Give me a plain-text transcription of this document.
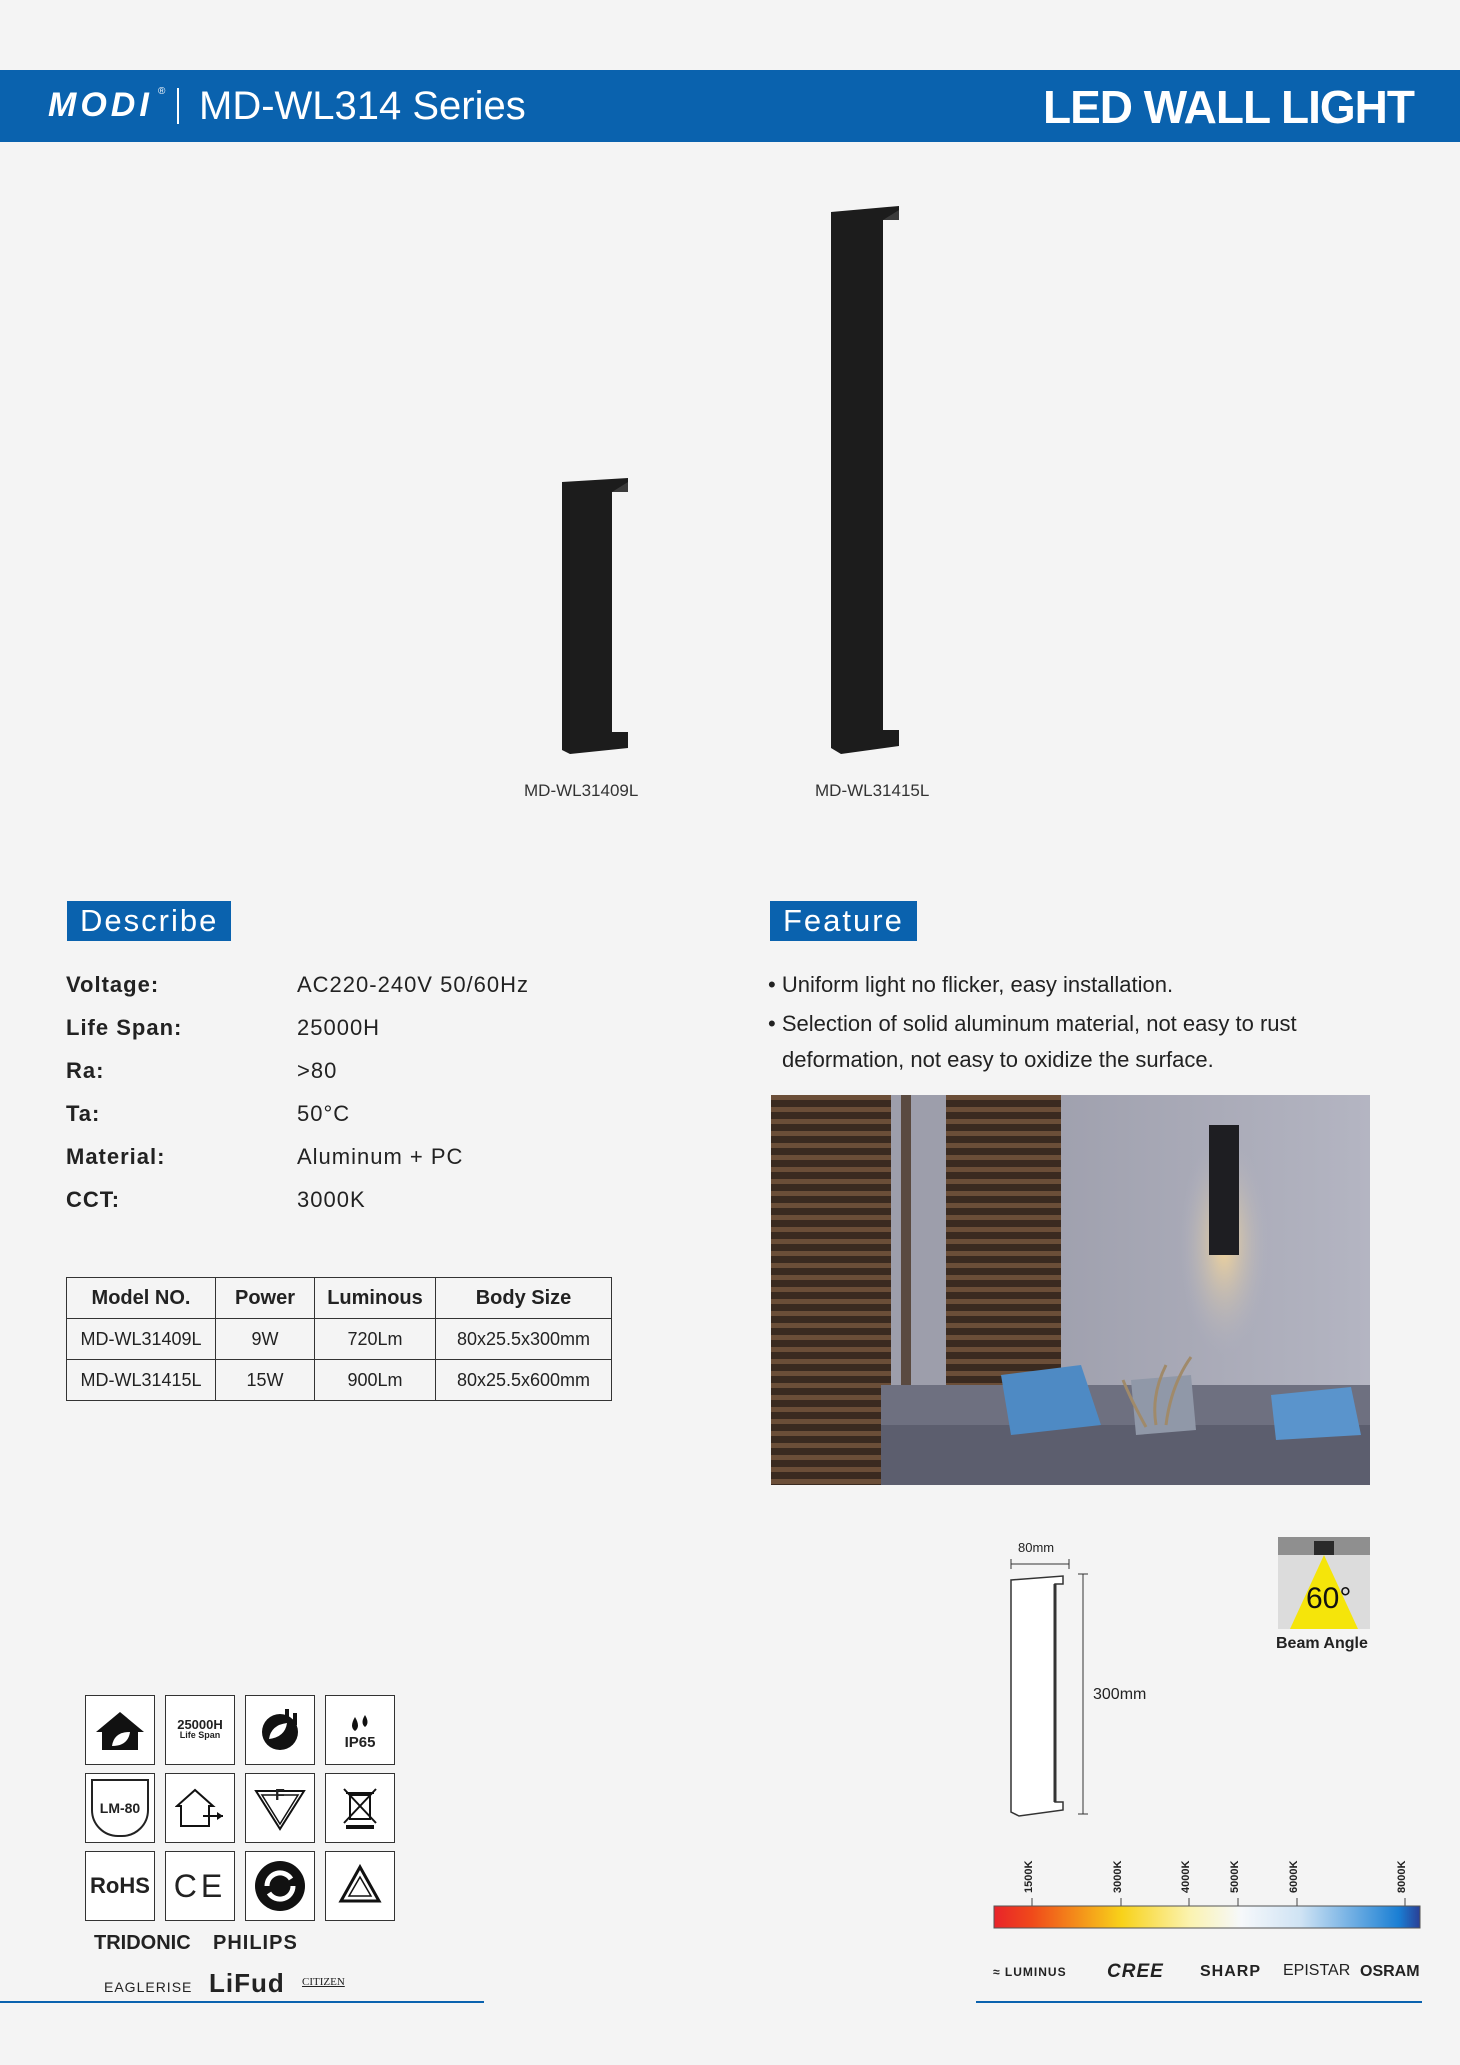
MODI ® MD-WL314 Series	LED WALL LIGHT
MD-WL31409L	MD-WL31415L
Describe
Voltage:	AC220-240V 50/60Hz
Life Span:	25000H
Ra:	>80
Ta:	50°C
Material:	Aluminum + PC
CCT:	3000K
Model NO.	Power	Luminous	Body Size
MD-WL31409L	9W	720Lm	80x25.5x300mm
MD-WL31415L	15W	900Lm	80x25.5x600mm
Feature
• Uniform light no flicker, easy installation.
• Selection of solid aluminum material, not easy to rust
deformation, not easy to oxidize the surface.
80mm
300mm
60°
Beam Angle
1500K	3000K	4000K	5000K	6000K	8000K
≈ LUMINUS CREE SHARP EPISTAR OSRAM
25000H
Life Span	IP65
LM-80
F
RoHS CE
TRIDONIC PHILIPS
EAGLERISE LiFud CITIZEN
